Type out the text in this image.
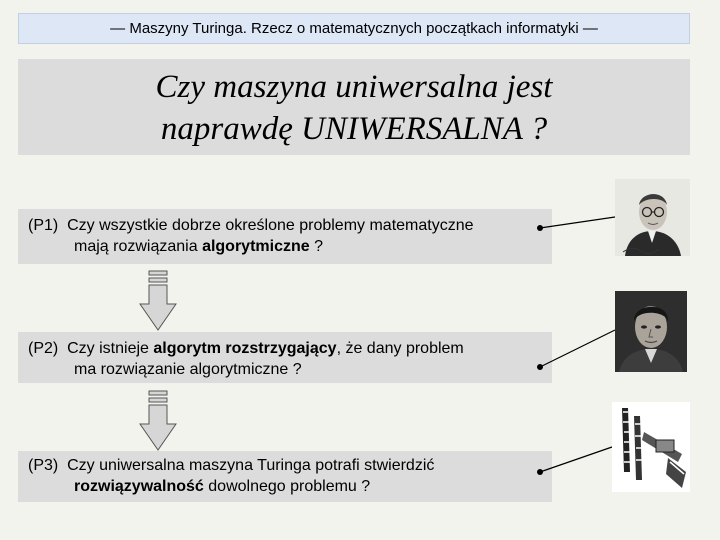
— Maszyny Turinga. Rzecz o matematycznych początkach informatyki —
Czy maszyna uniwersalna jest
naprawdę UNIWERSALNA ?
(P1) Czy wszystkie dobrze określone problemy matematyczne
mają rozwiązania algorytmiczne ?
(P2) Czy istnieje algorytm rozstrzygający, że dany problem
ma rozwiązanie algorytmiczne ?
(P3) Czy uniwersalna maszyna Turinga potrafi stwierdzić
rozwiązywalność dowolnego problemu ?
